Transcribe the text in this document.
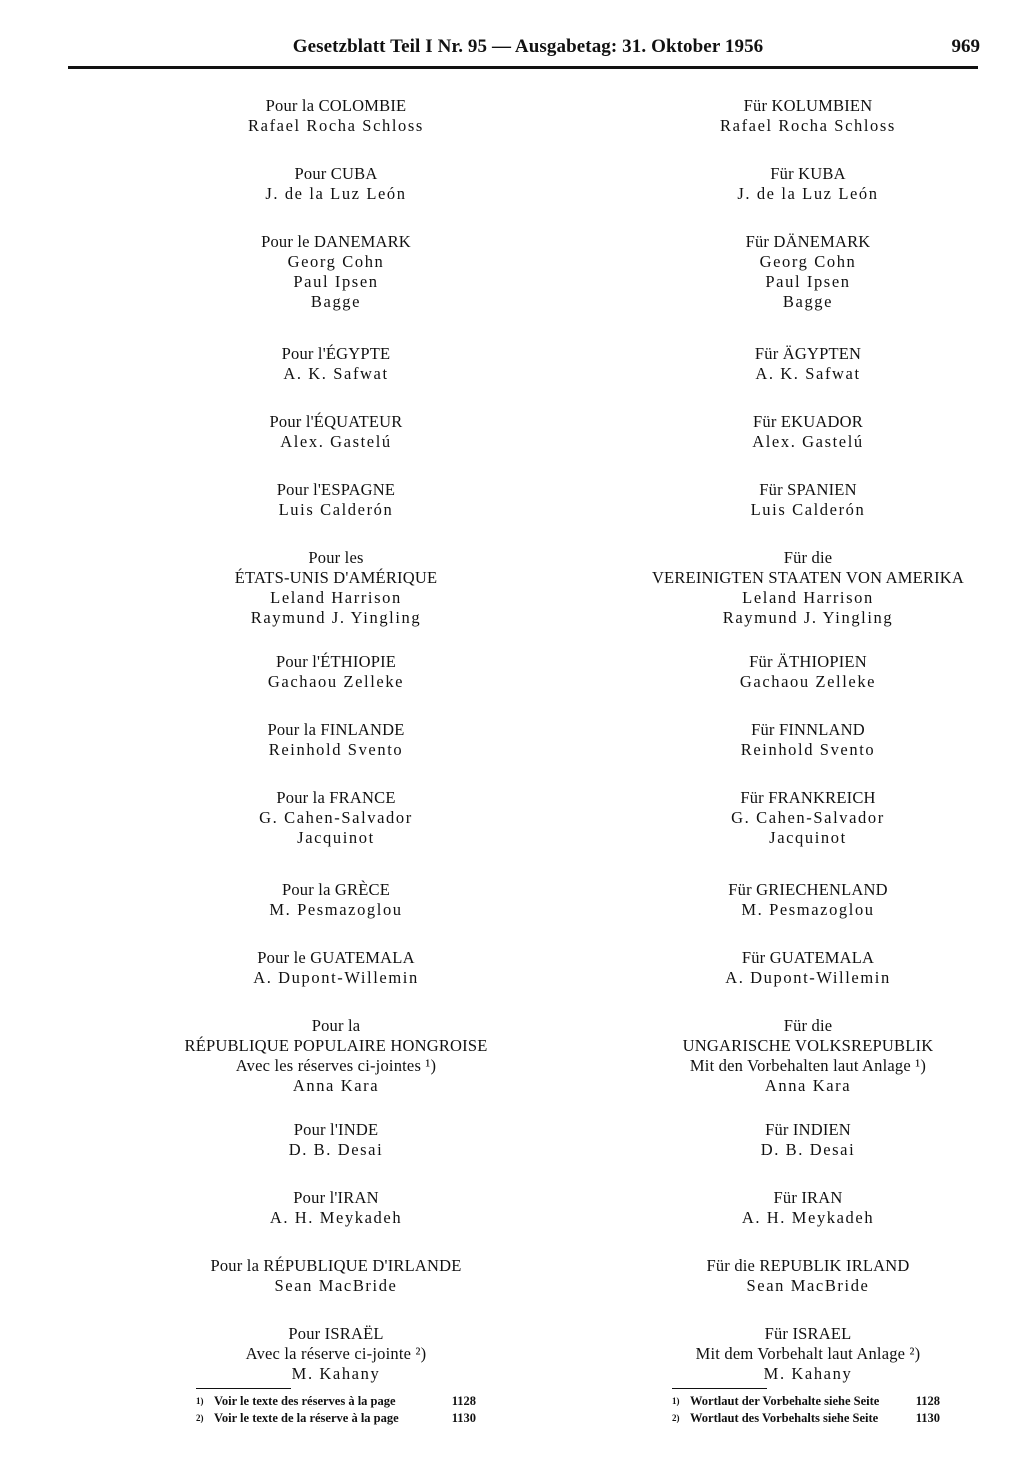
Gesetzblatt Teil I Nr. 95 — Ausgabetag: 31. Oktober 1956	969
Pour la COLOMBIE
Rafael Rocha Schloss
Pour CUBA
J. de la Luz León
Pour le DANEMARK
Georg Cohn
Paul Ipsen
Bagge
Pour l'ÉGYPTE
A. K. Safwat
Pour l'ÉQUATEUR
Alex. Gastelú
Pour l'ESPAGNE
Luis Calderón
Pour les
ÉTATS-UNIS D'AMÉRIQUE
Leland Harrison
Raymund J. Yingling
Pour l'ÉTHIOPIE
Gachaou Zelleke
Pour la FINLANDE
Reinhold Svento
Pour la FRANCE
G. Cahen-Salvador
Jacquinot
Pour la GRÈCE
M. Pesmazoglou
Pour le GUATEMALA
A. Dupont-Willemin
Pour la
RÉPUBLIQUE POPULAIRE HONGROISE
Avec les réserves ci-jointes ¹)
Anna Kara
Pour l'INDE
D. B. Desai
Pour l'IRAN
A. H. Meykadeh
Pour la RÉPUBLIQUE D'IRLANDE
Sean MacBride
Pour ISRAËL
Avec la réserve ci-jointe ²)
M. Kahany
Für KOLUMBIEN
Rafael Rocha Schloss
Für KUBA
J. de la Luz León
Für DÄNEMARK
Georg Cohn
Paul Ipsen
Bagge
Für ÄGYPTEN
A. K. Safwat
Für EKUADOR
Alex. Gastelú
Für SPANIEN
Luis Calderón
Für die
VEREINIGTEN STAATEN VON AMERIKA
Leland Harrison
Raymund J. Yingling
Für ÄTHIOPIEN
Gachaou Zelleke
Für FINNLAND
Reinhold Svento
Für FRANKREICH
G. Cahen-Salvador
Jacquinot
Für GRIECHENLAND
M. Pesmazoglou
Für GUATEMALA
A. Dupont-Willemin
Für die
UNGARISCHE VOLKSREPUBLIK
Mit den Vorbehalten laut Anlage ¹)
Anna Kara
Für INDIEN
D. B. Desai
Für IRAN
A. H. Meykadeh
Für die REPUBLIK IRLAND
Sean MacBride
Für ISRAEL
Mit dem Vorbehalt laut Anlage ²)
M. Kahany
1) Voir le texte des réserves à la page	1128
2) Voir le texte de la réserve à la page	1130
1) Wortlaut der Vorbehalte siehe Seite	1128
2) Wortlaut des Vorbehalts siehe Seite	1130
